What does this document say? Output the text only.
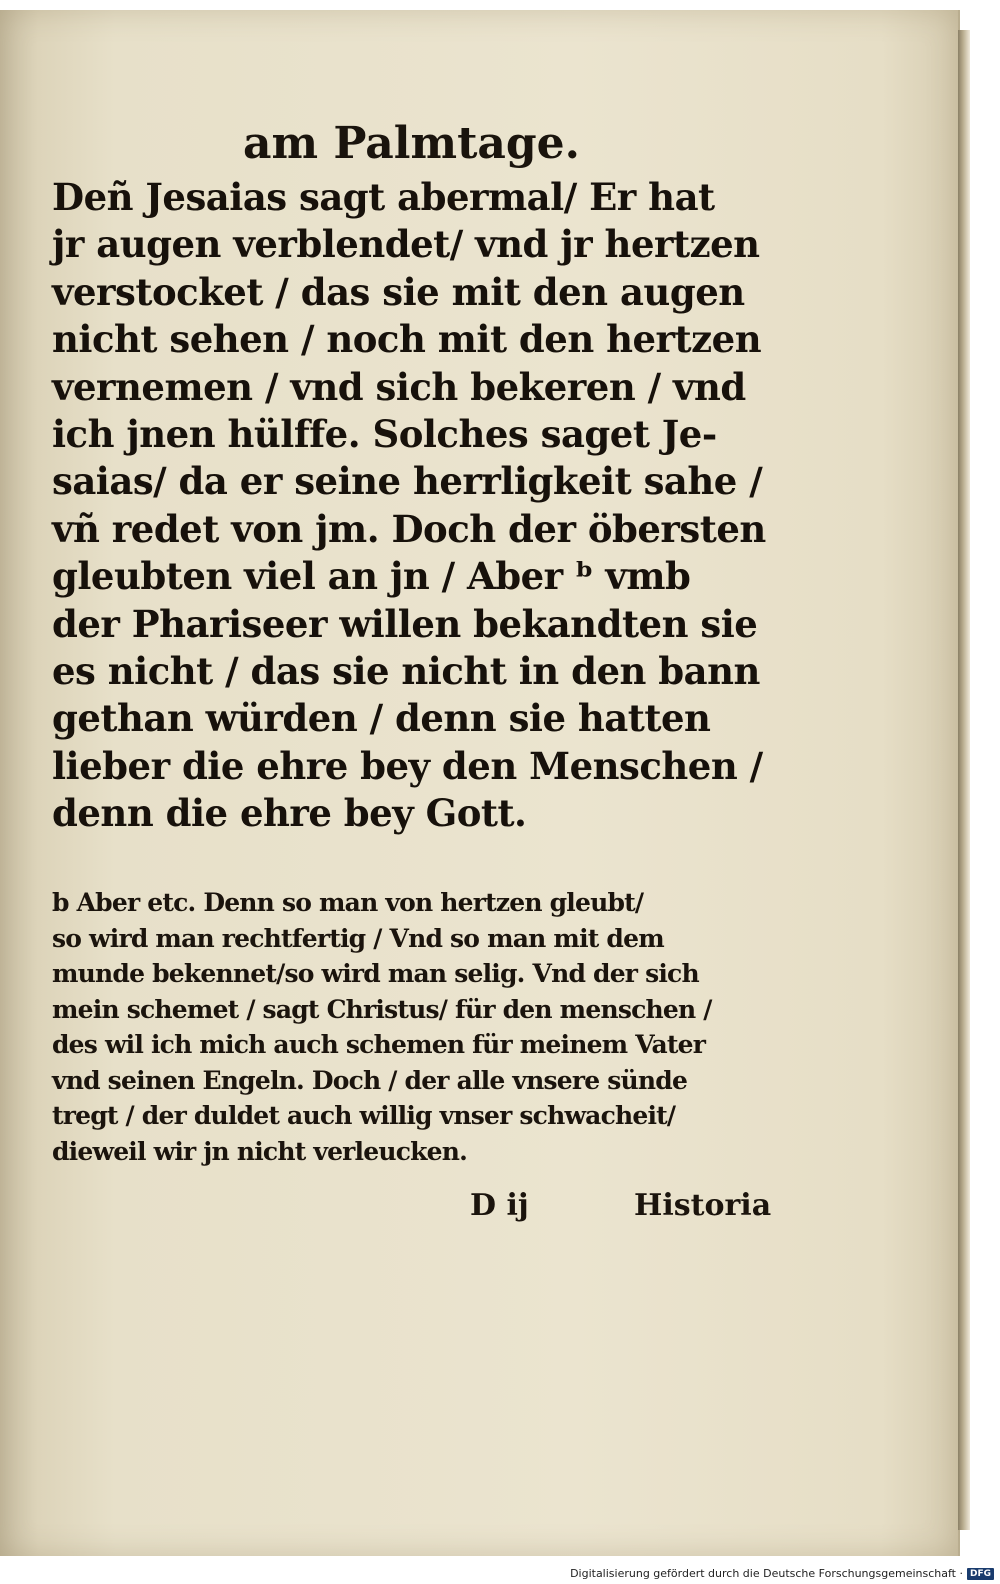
am Palmtage.
Deñ Jesaias sagt abermal/ Er hat
jr augen verblendet/ vnd jr hertzen
verstocket / das sie mit den augen
nicht sehen / noch mit den hertzen
vernemen / vnd sich bekeren / vnd
ich jnen hülffe. Solches saget Je-
saias/ da er seine herrligkeit sahe /
vñ redet von jm. Doch der öbersten
gleubten viel an jn / Aber ᵇ vmb
der Phariseer willen bekandten sie
es nicht / das sie nicht in den bann
gethan würden / denn sie hatten
lieber die ehre bey den Menschen /
denn die ehre bey Gott.
b Aber etc. Denn so man von hertzen gleubt/
so wird man rechtfertig / Vnd so man mit dem
munde bekennet/so wird man selig. Vnd der sich
mein schemet / sagt Christus/ für den menschen /
des wil ich mich auch schemen für meinem Vater
vnd seinen Engeln. Doch / der alle vnsere sünde
tregt / der duldet auch willig vnser schwacheit/
dieweil wir jn nicht verleucken.
D ij	Historia
Digitalisierung gefördert durch die Deutsche Forschungsgemeinschaft · DFG
